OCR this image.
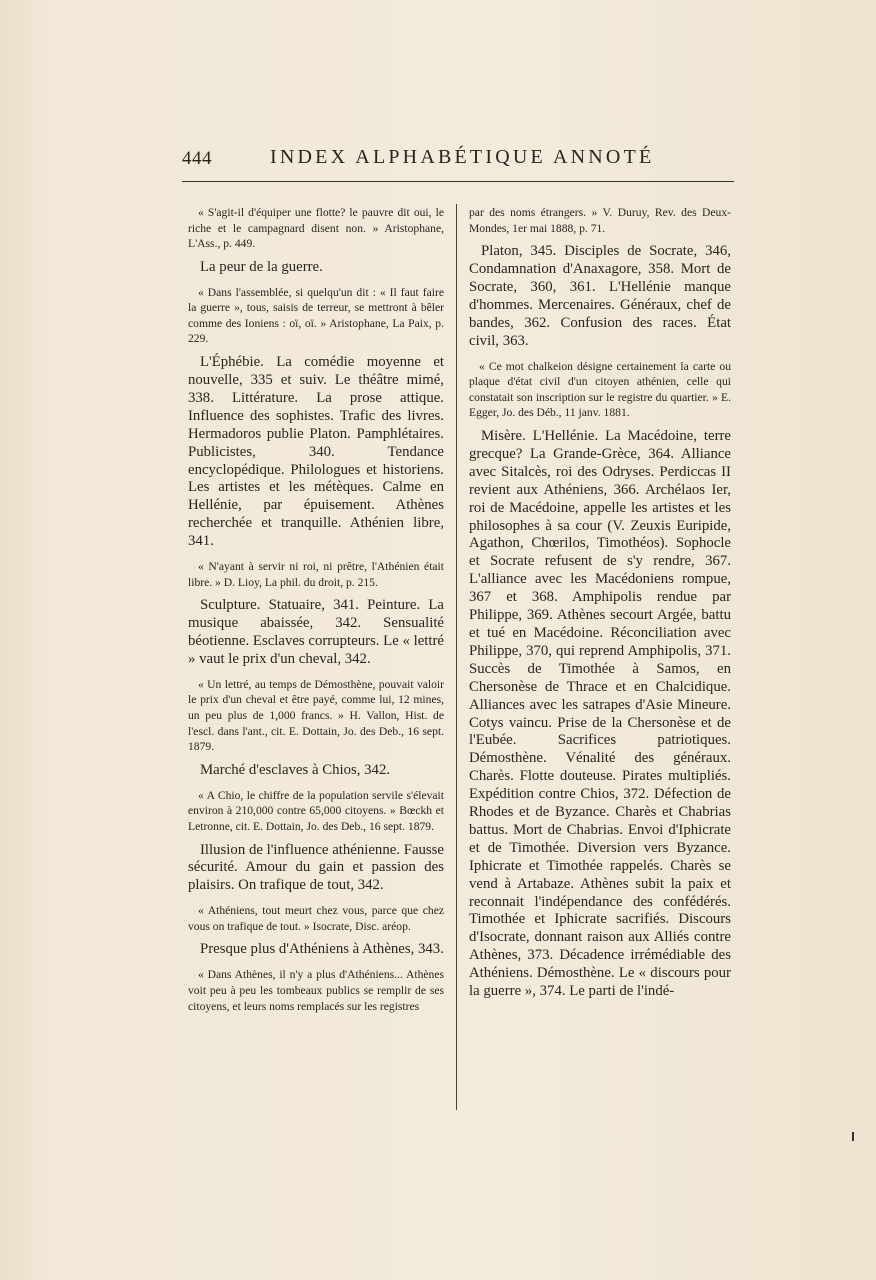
444	INDEX ALPHABÉTIQUE ANNOTÉ

« S'agit-il d'équiper une flotte? le pauvre dit oui, le riche et le campagnard disent non. » Aristophane, L'Ass., p. 449.

La peur de la guerre.

« Dans l'assemblée, si quelqu'un dit : « Il faut faire la guerre », tous, saisis de terreur, se mettront à bêler comme des Ioniens : oï, oï. » Aristophane, La Paix, p. 229.

L'Éphébie. La comédie moyenne et nouvelle, 335 et suiv. Le théâtre mimé, 338. Littérature. La prose attique. Influence des sophistes. Trafic des livres. Hermadoros publie Platon. Pamphlétaires. Publicistes, 340. Tendance encyclopédique. Philologues et historiens. Les artistes et les métèques. Calme en Hellénie, par épuisement. Athènes recherchée et tranquille. Athénien libre, 341.

« N'ayant à servir ni roi, ni prêtre, l'Athénien était libre. » D. Lioy, La phil. du droit, p. 215.

Sculpture. Statuaire, 341. Peinture. La musique abaissée, 342. Sensualité béotienne. Esclaves corrupteurs. Le « lettré » vaut le prix d'un cheval, 342.

« Un lettré, au temps de Démosthène, pouvait valoir le prix d'un cheval et être payé, comme lui, 12 mines, un peu plus de 1,000 francs. » H. Vallon, Hist. de l'escl. dans l'ant., cit. E. Dottain, Jo. des Deb., 16 sept. 1879.

Marché d'esclaves à Chios, 342.

« A Chio, le chiffre de la population servile s'élevait environ à 210,000 contre 65,000 citoyens. » Bœckh et Letronne, cit. E. Dottain, Jo. des Deb., 16 sept. 1879.

Illusion de l'influence athénienne. Fausse sécurité. Amour du gain et passion des plaisirs. On trafique de tout, 342.

« Athéniens, tout meurt chez vous, parce que chez vous on trafique de tout. » Isocrate, Disc. aréop.

Presque plus d'Athéniens à Athènes, 343.

« Dans Athènes, il n'y a plus d'Athéniens... Athènes voit peu à peu les tombeaux publics se remplir de ses citoyens, et leurs noms remplacés sur les registres

par des noms étrangers. » V. Duruy, Rev. des Deux-Mondes, 1er mai 1888, p. 71.

Platon, 345. Disciples de Socrate, 346, Condamnation d'Anaxagore, 358. Mort de Socrate, 360, 361. L'Hellénie manque d'hommes. Mercenaires. Généraux, chef de bandes, 362. Confusion des races. État civil, 363.

« Ce mot chalkeion désigne certainement la carte ou plaque d'état civil d'un citoyen athénien, celle qui constatait son inscription sur le registre du quartier. » E. Egger, Jo. des Déb., 11 janv. 1881.

Misère. L'Hellénie. La Macédoine, terre grecque? La Grande-Grèce, 364. Alliance avec Sitalcès, roi des Odryses. Perdiccas II revient aux Athéniens, 366. Archélaos Ier, roi de Macédoine, appelle les artistes et les philosophes à sa cour (V. Zeuxis Euripide, Agathon, Chœrilos, Timothéos). Sophocle et Socrate refusent de s'y rendre, 367. L'alliance avec les Macédoniens rompue, 367 et 368. Amphipolis rendue par Philippe, 369. Athènes secourt Argée, battu et tué en Macédoine. Réconciliation avec Philippe, 370, qui reprend Amphipolis, 371. Succès de Timothée à Samos, en Chersonèse de Thrace et en Chalcidique. Alliances avec les satrapes d'Asie Mineure. Cotys vaincu. Prise de la Chersonèse et de l'Eubée. Sacrifices patriotiques. Démosthène. Vénalité des généraux. Charès. Flotte douteuse. Pirates multipliés. Expédition contre Chios, 372. Défection de Rhodes et de Byzance. Charès et Chabrias battus. Mort de Chabrias. Envoi d'Iphicrate et de Timothée. Diversion vers Byzance. Iphicrate et Timothée rappelés. Charès se vend à Artabaze. Athènes subit la paix et reconnait l'indépendance des confédérés. Timothée et Iphicrate sacrifiés. Discours d'Isocrate, donnant raison aux Alliés contre Athènes, 373. Décadence irrémédiable des Athéniens. Démosthène. Le « discours pour la guerre », 374. Le parti de l'indé-
